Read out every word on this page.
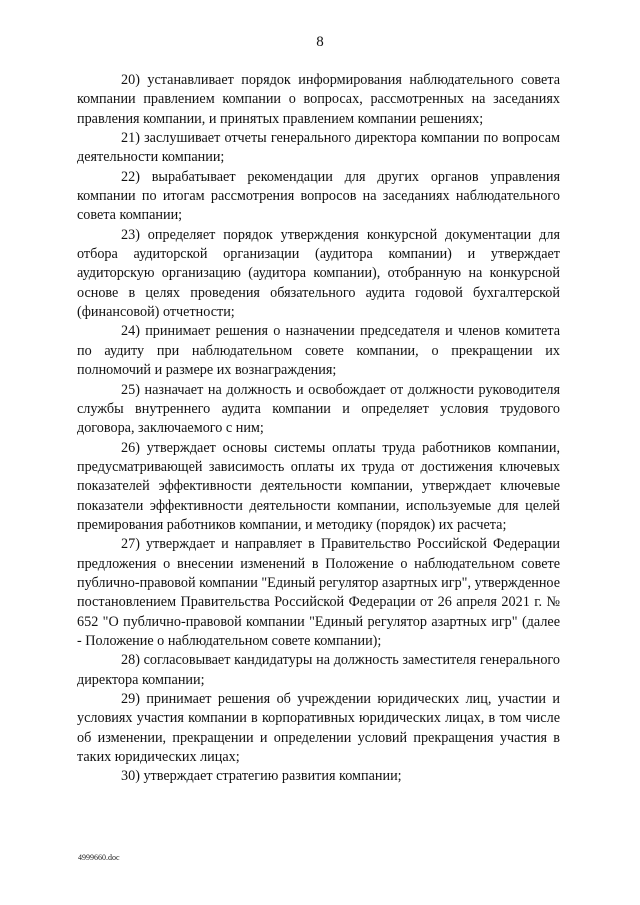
8

20) устанавливает порядок информирования наблюдательного совета компании правлением компании о вопросах, рассмотренных на заседаниях правления компании, и принятых правлением компании решениях;

21) заслушивает отчеты генерального директора компании по вопросам деятельности компании;

22) вырабатывает рекомендации для других органов управления компании по итогам рассмотрения вопросов на заседаниях наблюдательного совета компании;

23) определяет порядок утверждения конкурсной документации для отбора аудиторской организации (аудитора компании) и утверждает аудиторскую организацию (аудитора компании), отобранную на конкурсной основе в целях проведения обязательного аудита годовой бухгалтерской (финансовой) отчетности;

24) принимает решения о назначении председателя и членов комитета по аудиту при наблюдательном совете компании, о прекращении их полномочий и размере их вознаграждения;

25) назначает на должность и освобождает от должности руководителя службы внутреннего аудита компании и определяет условия трудового договора, заключаемого с ним;

26) утверждает основы системы оплаты труда работников компании, предусматривающей зависимость оплаты их труда от достижения ключевых показателей эффективности деятельности компании, утверждает ключевые показатели эффективности деятельности компании, используемые для целей премирования работников компании, и методику (порядок) их расчета;

27) утверждает и направляет в Правительство Российской Федерации предложения о внесении изменений в Положение о наблюдательном совете публично-правовой компании "Единый регулятор азартных игр", утвержденное постановлением Правительства Российской Федерации от 26 апреля 2021 г. № 652 "О публично-правовой компании "Единый регулятор азартных игр" (далее - Положение о наблюдательном совете компании);

28) согласовывает кандидатуры на должность заместителя генерального директора компании;

29) принимает решения об учреждении юридических лиц, участии и условиях участия компании в корпоративных юридических лицах, в том числе об изменении, прекращении и определении условий прекращения участия в таких юридических лицах;

30) утверждает стратегию развития компании;

4999660.doc
